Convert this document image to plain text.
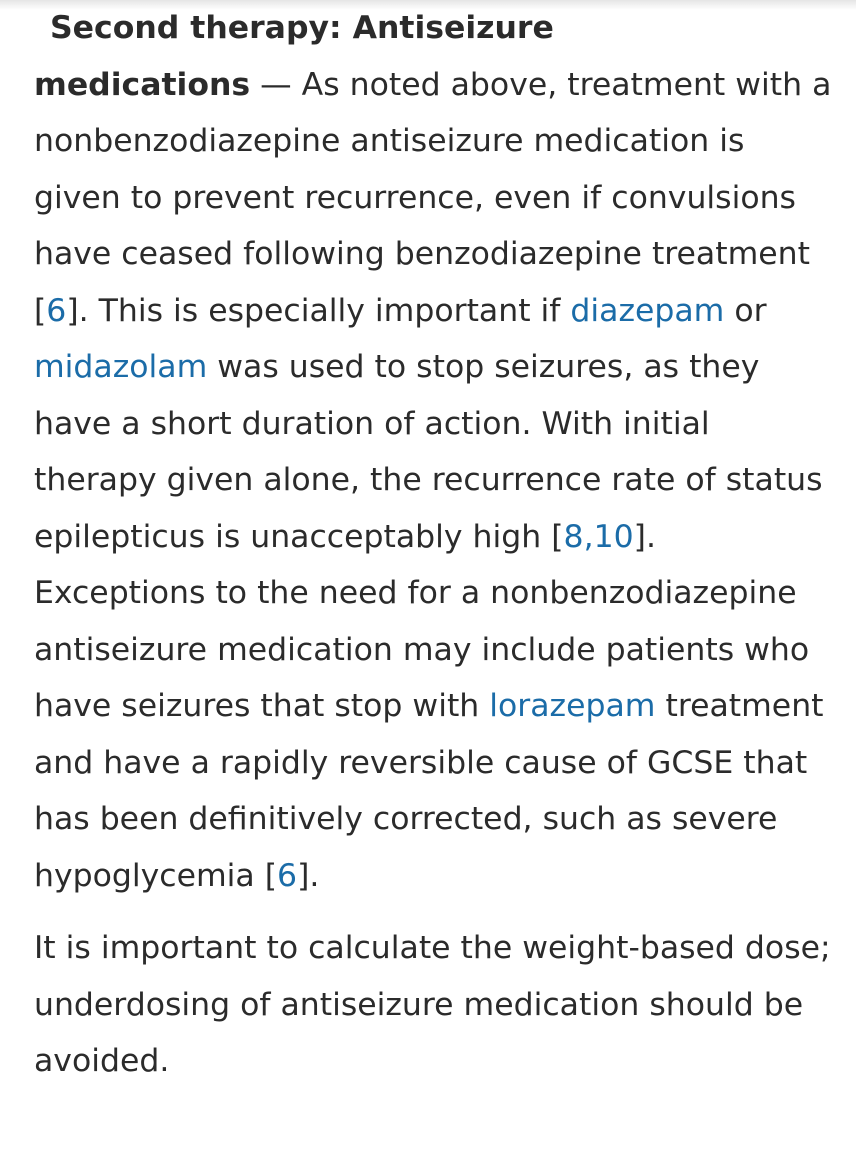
Second therapy: Antiseizure
medications — As noted above, treatment with a nonbenzodiazepine antiseizure medication is given to prevent recurrence, even if convulsions have ceased following benzodiazepine treatment [6]. This is especially important if diazepam or midazolam was used to stop seizures, as they have a short duration of action. With initial therapy given alone, the recurrence rate of status epilepticus is unacceptably high [8,10]. Exceptions to the need for a nonbenzodiazepine antiseizure medication may include patients who have seizures that stop with lorazepam treatment and have a rapidly reversible cause of GCSE that has been definitively corrected, such as severe hypoglycemia [6].

It is important to calculate the weight-based dose; underdosing of antiseizure medication should be avoided.
